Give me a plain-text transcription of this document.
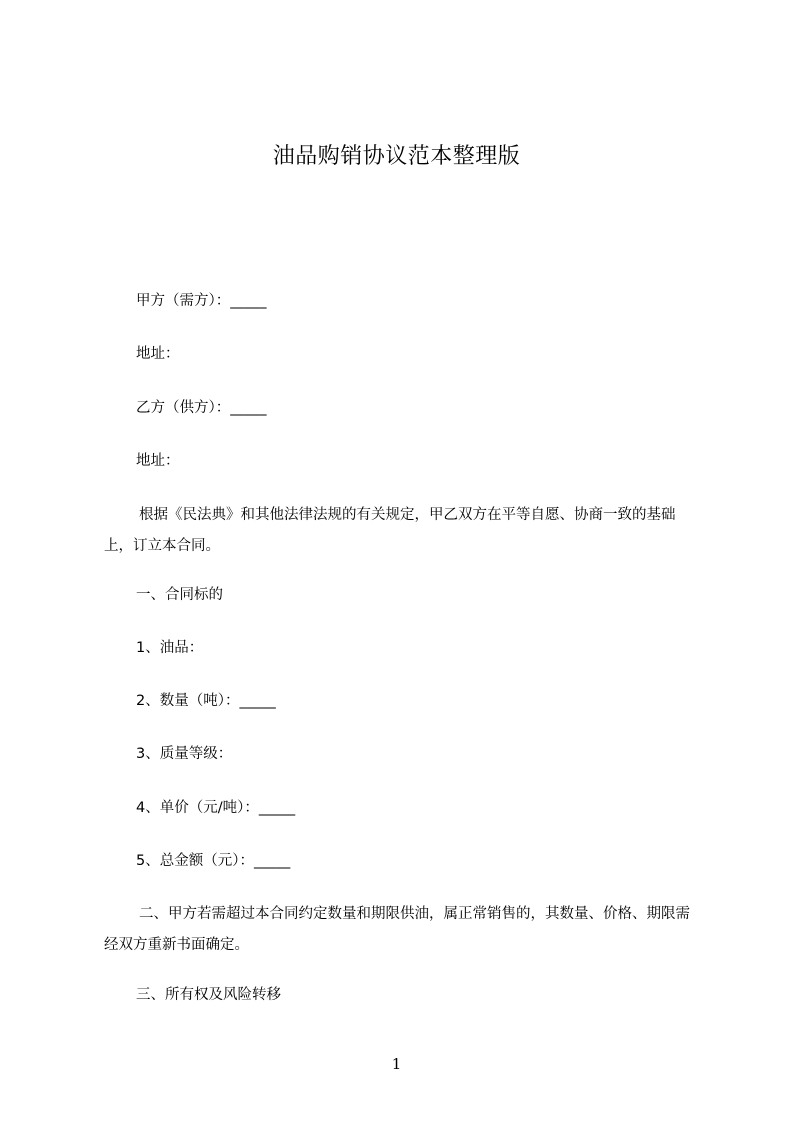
油品购销协议范本整理版
甲方（需方）：_____
地址：
乙方（供方）：_____
地址：
根据《民法典》和其他法律法规的有关规定，甲乙双方在平等自愿、协商一致的基础上，订立本合同。
一、合同标的
1、油品：
2、数量（吨）：_____
3、质量等级：
4、单价（元/吨）：_____
5、总金额（元）：_____
二、甲方若需超过本合同约定数量和期限供油，属正常销售的，其数量、价格、期限需经双方重新书面确定。
三、所有权及风险转移
1
